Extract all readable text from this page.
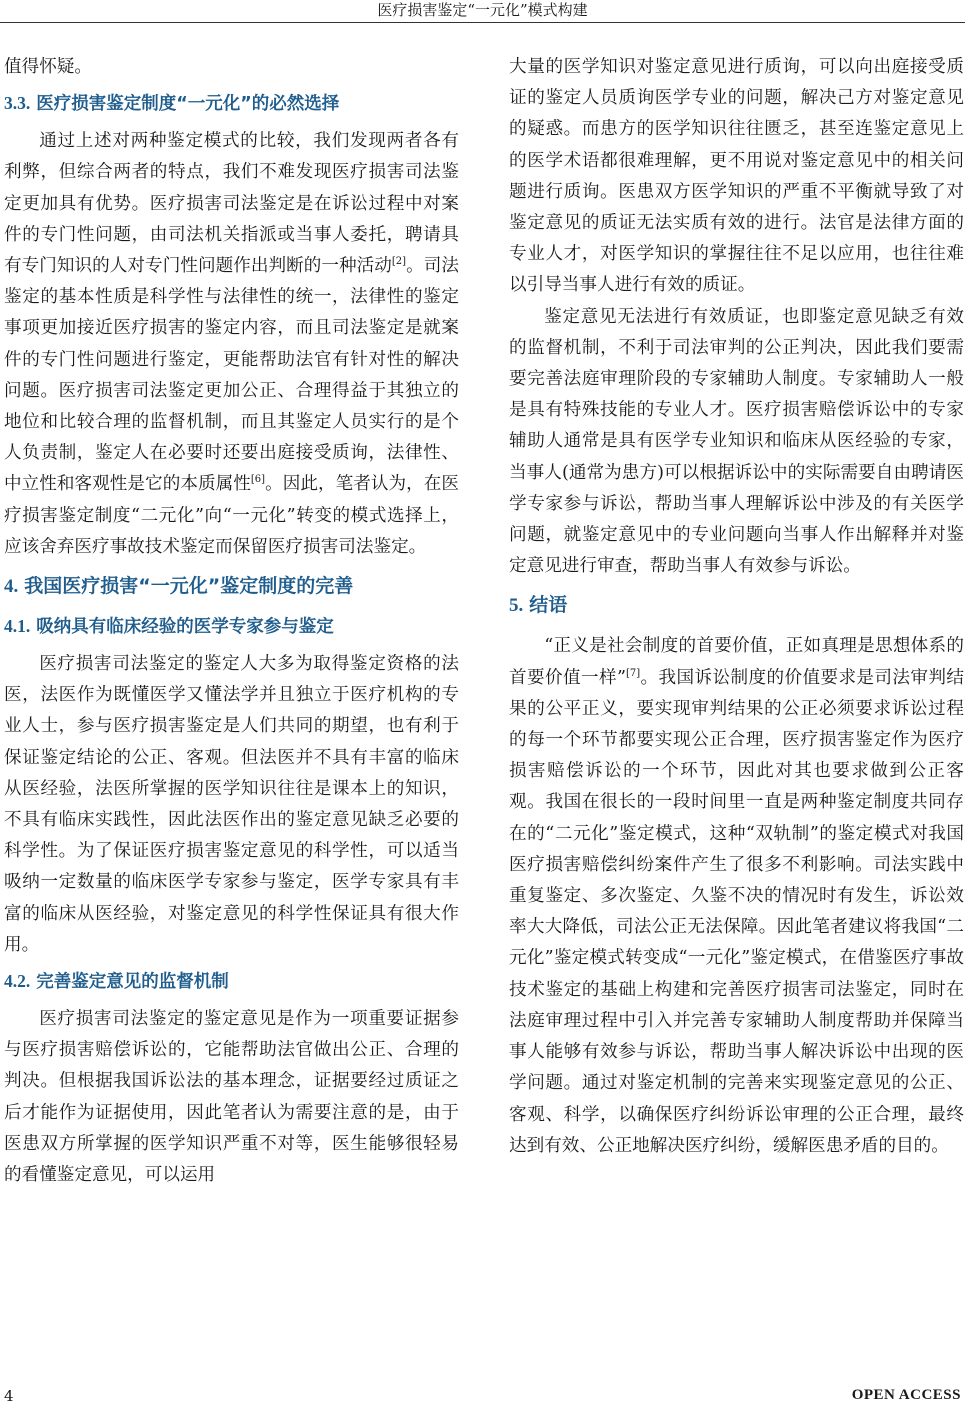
医疗损害鉴定“一元化”模式构建

值得怀疑。

3.3. 医疗损害鉴定制度“一元化”的必然选择

通过上述对两种鉴定模式的比较，我们发现两者各有利弊，但综合两者的特点，我们不难发现医疗损害司法鉴定更加具有优势。医疗损害司法鉴定是在诉讼过程中对案件的专门性问题，由司法机关指派或当事人委托，聘请具有专门知识的人对专门性问题作出判断的一种活动[2]。司法鉴定的基本性质是科学性与法律性的统一，法律性的鉴定事项更加接近医疗损害的鉴定内容，而且司法鉴定是就案件的专门性问题进行鉴定，更能帮助法官有针对性的解决问题。医疗损害司法鉴定更加公正、合理得益于其独立的地位和比较合理的监督机制，而且其鉴定人员实行的是个人负责制，鉴定人在必要时还要出庭接受质询，法律性、中立性和客观性是它的本质属性[6]。因此，笔者认为，在医疗损害鉴定制度“二元化”向“一元化”转变的模式选择上，应该舍弃医疗事故技术鉴定而保留医疗损害司法鉴定。

4. 我国医疗损害“一元化”鉴定制度的完善
4.1. 吸纳具有临床经验的医学专家参与鉴定

医疗损害司法鉴定的鉴定人大多为取得鉴定资格的法医，法医作为既懂医学又懂法学并且独立于医疗机构的专业人士，参与医疗损害鉴定是人们共同的期望，也有利于保证鉴定结论的公正、客观。但法医并不具有丰富的临床从医经验，法医所掌握的医学知识往往是课本上的知识，不具有临床实践性，因此法医作出的鉴定意见缺乏必要的科学性。为了保证医疗损害鉴定意见的科学性，可以适当吸纳一定数量的临床医学专家参与鉴定，医学专家具有丰富的临床从医经验，对鉴定意见的科学性保证具有很大作用。

4.2. 完善鉴定意见的监督机制

医疗损害司法鉴定的鉴定意见是作为一项重要证据参与医疗损害赔偿诉讼的，它能帮助法官做出公正、合理的判决。但根据我国诉讼法的基本理念，证据要经过质证之后才能作为证据使用，因此笔者认为需要注意的是，由于医患双方所掌握的医学知识严重不对等，医生能够很轻易的看懂鉴定意见，可以运用

大量的医学知识对鉴定意见进行质询，可以向出庭接受质证的鉴定人员质询医学专业的问题，解决己方对鉴定意见的疑惑。而患方的医学知识往往匮乏，甚至连鉴定意见上的医学术语都很难理解，更不用说对鉴定意见中的相关问题进行质询。医患双方医学知识的严重不平衡就导致了对鉴定意见的质证无法实质有效的进行。法官是法律方面的专业人才，对医学知识的掌握往往不足以应用，也往往难以引导当事人进行有效的质证。

鉴定意见无法进行有效质证，也即鉴定意见缺乏有效的监督机制，不利于司法审判的公正判决，因此我们要需要完善法庭审理阶段的专家辅助人制度。专家辅助人一般是具有特殊技能的专业人才。医疗损害赔偿诉讼中的专家辅助人通常是具有医学专业知识和临床从医经验的专家，当事人(通常为患方)可以根据诉讼中的实际需要自由聘请医学专家参与诉讼，帮助当事人理解诉讼中涉及的有关医学问题，就鉴定意见中的专业问题向当事人作出解释并对鉴定意见进行审查，帮助当事人有效参与诉讼。

5. 结语

“正义是社会制度的首要价值，正如真理是思想体系的首要价值一样”[7]。我国诉讼制度的价值要求是司法审判结果的公平正义，要实现审判结果的公正必须要求诉讼过程的每一个环节都要实现公正合理，医疗损害鉴定作为医疗损害赔偿诉讼的一个环节，因此对其也要求做到公正客观。我国在很长的一段时间里一直是两种鉴定制度共同存在的“二元化”鉴定模式，这种“双轨制”的鉴定模式对我国医疗损害赔偿纠纷案件产生了很多不利影响。司法实践中重复鉴定、多次鉴定、久鉴不决的情况时有发生，诉讼效率大大降低，司法公正无法保障。因此笔者建议将我国“二元化”鉴定模式转变成“一元化”鉴定模式，在借鉴医疗事故技术鉴定的基础上构建和完善医疗损害司法鉴定，同时在法庭审理过程中引入并完善专家辅助人制度帮助并保障当事人能够有效参与诉讼，帮助当事人解决诉讼中出现的医学问题。通过对鉴定机制的完善来实现鉴定意见的公正、客观、科学，以确保医疗纠纷诉讼审理的公正合理，最终达到有效、公正地解决医疗纠纷，缓解医患矛盾的目的。

4	OPEN ACCESS
